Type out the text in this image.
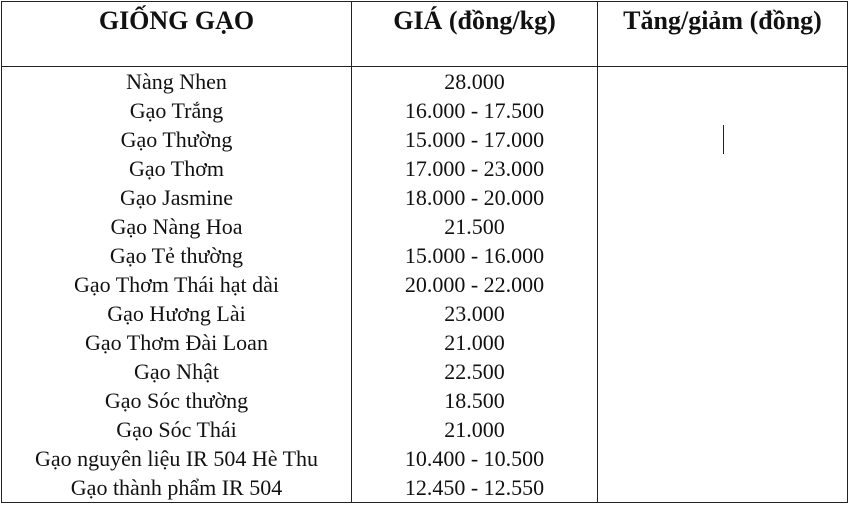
GIỐNG GẠO	GIÁ (đồng/kg)	Tăng/giảm (đồng)
Nàng Nhen	28.000	
Gạo Trắng	16.000 - 17.500	
Gạo Thường	15.000 - 17.000	

Gạo Thơm	17.000 - 23.000	
Gạo Jasmine	18.000 - 20.000	
Gạo Nàng Hoa	21.500	
Gạo Tẻ thường	15.000 - 16.000	
Gạo Thơm Thái hạt dài	20.000 - 22.000	
Gạo Hương Lài	23.000	
Gạo Thơm Đài Loan	21.000	
Gạo Nhật	22.500	
Gạo Sóc thường	18.500	
Gạo Sóc Thái	21.000	
Gạo nguyên liệu IR 504 Hè Thu	10.400 - 10.500	
Gạo thành phẩm IR 504	12.450 - 12.550	
